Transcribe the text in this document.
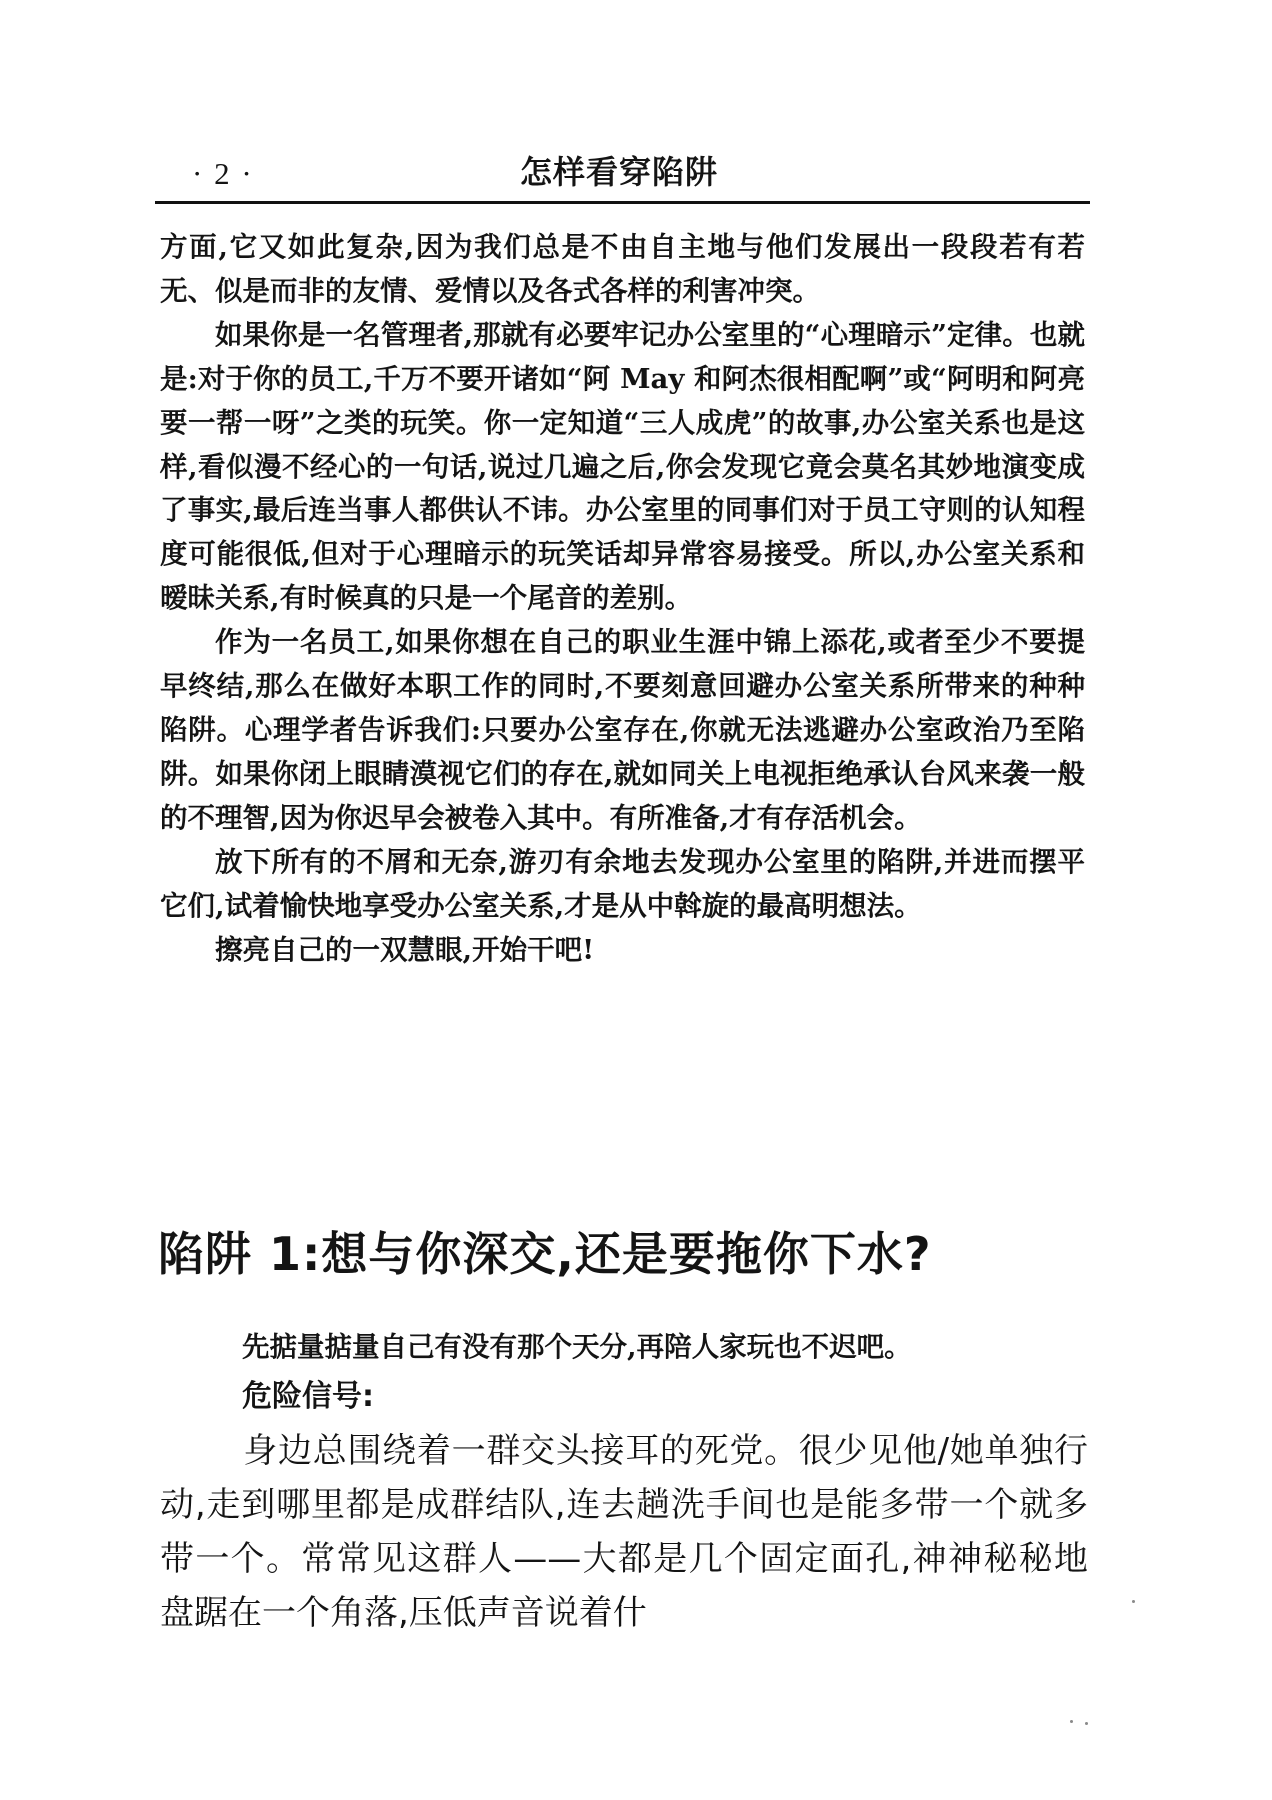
· 2 ·	怎样看穿陷阱

方面,它又如此复杂,因为我们总是不由自主地与他们发展出一段段若有若无、似是而非的友情、爱情以及各式各样的利害冲突。

如果你是一名管理者,那就有必要牢记办公室里的“心理暗示”定律。也就是:对于你的员工,千万不要开诸如“阿 May 和阿杰很相配啊”或“阿明和阿亮要一帮一呀”之类的玩笑。你一定知道“三人成虎”的故事,办公室关系也是这样,看似漫不经心的一句话,说过几遍之后,你会发现它竟会莫名其妙地演变成了事实,最后连当事人都供认不讳。办公室里的同事们对于员工守则的认知程度可能很低,但对于心理暗示的玩笑话却异常容易接受。所以,办公室关系和暧昧关系,有时候真的只是一个尾音的差别。

作为一名员工,如果你想在自己的职业生涯中锦上添花,或者至少不要提早终结,那么在做好本职工作的同时,不要刻意回避办公室关系所带来的种种陷阱。心理学者告诉我们:只要办公室存在,你就无法逃避办公室政治乃至陷阱。如果你闭上眼睛漠视它们的存在,就如同关上电视拒绝承认台风来袭一般的不理智,因为你迟早会被卷入其中。有所准备,才有存活机会。

放下所有的不屑和无奈,游刃有余地去发现办公室里的陷阱,并进而摆平它们,试着愉快地享受办公室关系,才是从中斡旋的最高明想法。

擦亮自己的一双慧眼,开始干吧!

陷阱 1:想与你深交,还是要拖你下水?
先掂量掂量自己有没有那个天分,再陪人家玩也不迟吧。
危险信号:
身边总围绕着一群交头接耳的死党。很少见他/她单独行动,走到哪里都是成群结队,连去趟洗手间也是能多带一个就多带一个。常常见这群人——大都是几个固定面孔,神神秘秘地盘踞在一个角落,压低声音说着什
